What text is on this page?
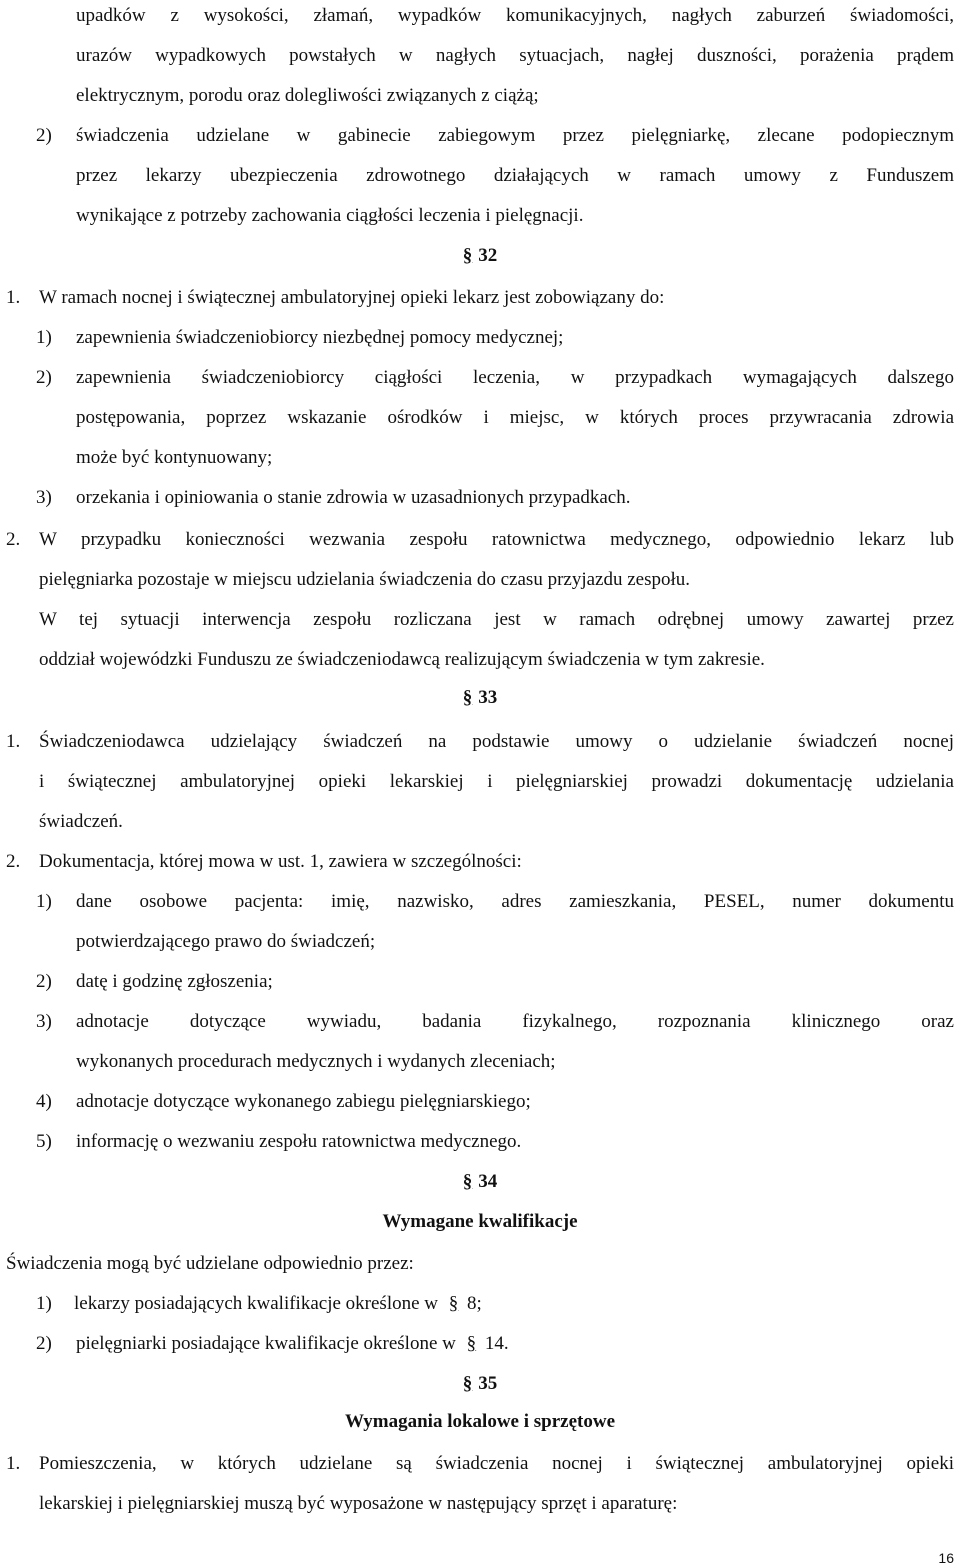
upadków z wysokości, złamań, wypadków komunikacyjnych, nagłych zaburzeń świadomości,
urazów wypadkowych powstałych w nagłych sytuacjach, nagłej duszności, porażenia prądem
elektrycznym, porodu oraz dolegliwości związanych z ciążą;
2) świadczenia udzielane w gabinecie zabiegowym przez pielęgniarkę, zlecane podopiecznym
przez lekarzy ubezpieczenia zdrowotnego działających w ramach umowy z Funduszem
wynikające z potrzeby zachowania ciągłości leczenia i pielęgnacji.
§ 32
1. W ramach nocnej i świątecznej ambulatoryjnej opieki lekarz jest zobowiązany do:
1) zapewnienia świadczeniobiorcy niezbędnej pomocy medycznej;
2) zapewnienia świadczeniobiorcy ciągłości leczenia, w przypadkach wymagających dalszego
postępowania, poprzez wskazanie ośrodków i miejsc, w których proces przywracania zdrowia
może być kontynuowany;
3) orzekania i opiniowania o stanie zdrowia w uzasadnionych przypadkach.
2. W przypadku konieczności wezwania zespołu ratownictwa medycznego, odpowiednio lekarz lub
pielęgniarka pozostaje w miejscu udzielania świadczenia do czasu przyjazdu zespołu.
W tej sytuacji interwencja zespołu rozliczana jest w ramach odrębnej umowy zawartej przez
oddział wojewódzki Funduszu ze świadczeniodawcą realizującym świadczenia w tym zakresie.
§ 33
1. Świadczeniodawca udzielający świadczeń na podstawie umowy o udzielanie świadczeń nocnej
i świątecznej ambulatoryjnej opieki lekarskiej i pielęgniarskiej prowadzi dokumentację udzielania
świadczeń.
2. Dokumentacja, której mowa w ust. 1, zawiera w szczególności:
1) dane osobowe pacjenta: imię, nazwisko, adres zamieszkania, PESEL, numer dokumentu
potwierdzającego prawo do świadczeń;
2) datę i godzinę zgłoszenia;
3) adnotacje dotyczące wywiadu, badania fizykalnego, rozpoznania klinicznego oraz
wykonanych procedurach medycznych i wydanych zleceniach;
4) adnotacje dotyczące wykonanego zabiegu pielęgniarskiego;
5) informację o wezwaniu zespołu ratownictwa medycznego.
§ 34
Wymagane kwalifikacje
Świadczenia mogą być udzielane odpowiednio przez:
1) lekarzy posiadających kwalifikacje określone w § 8;
2) pielęgniarki posiadające kwalifikacje określone w § 14.
§ 35
Wymagania lokalowe i sprzętowe
1. Pomieszczenia, w których udzielane są świadczenia nocnej i świątecznej ambulatoryjnej opieki
lekarskiej i pielęgniarskiej muszą być wyposażone w następujący sprzęt i aparaturę:
16
